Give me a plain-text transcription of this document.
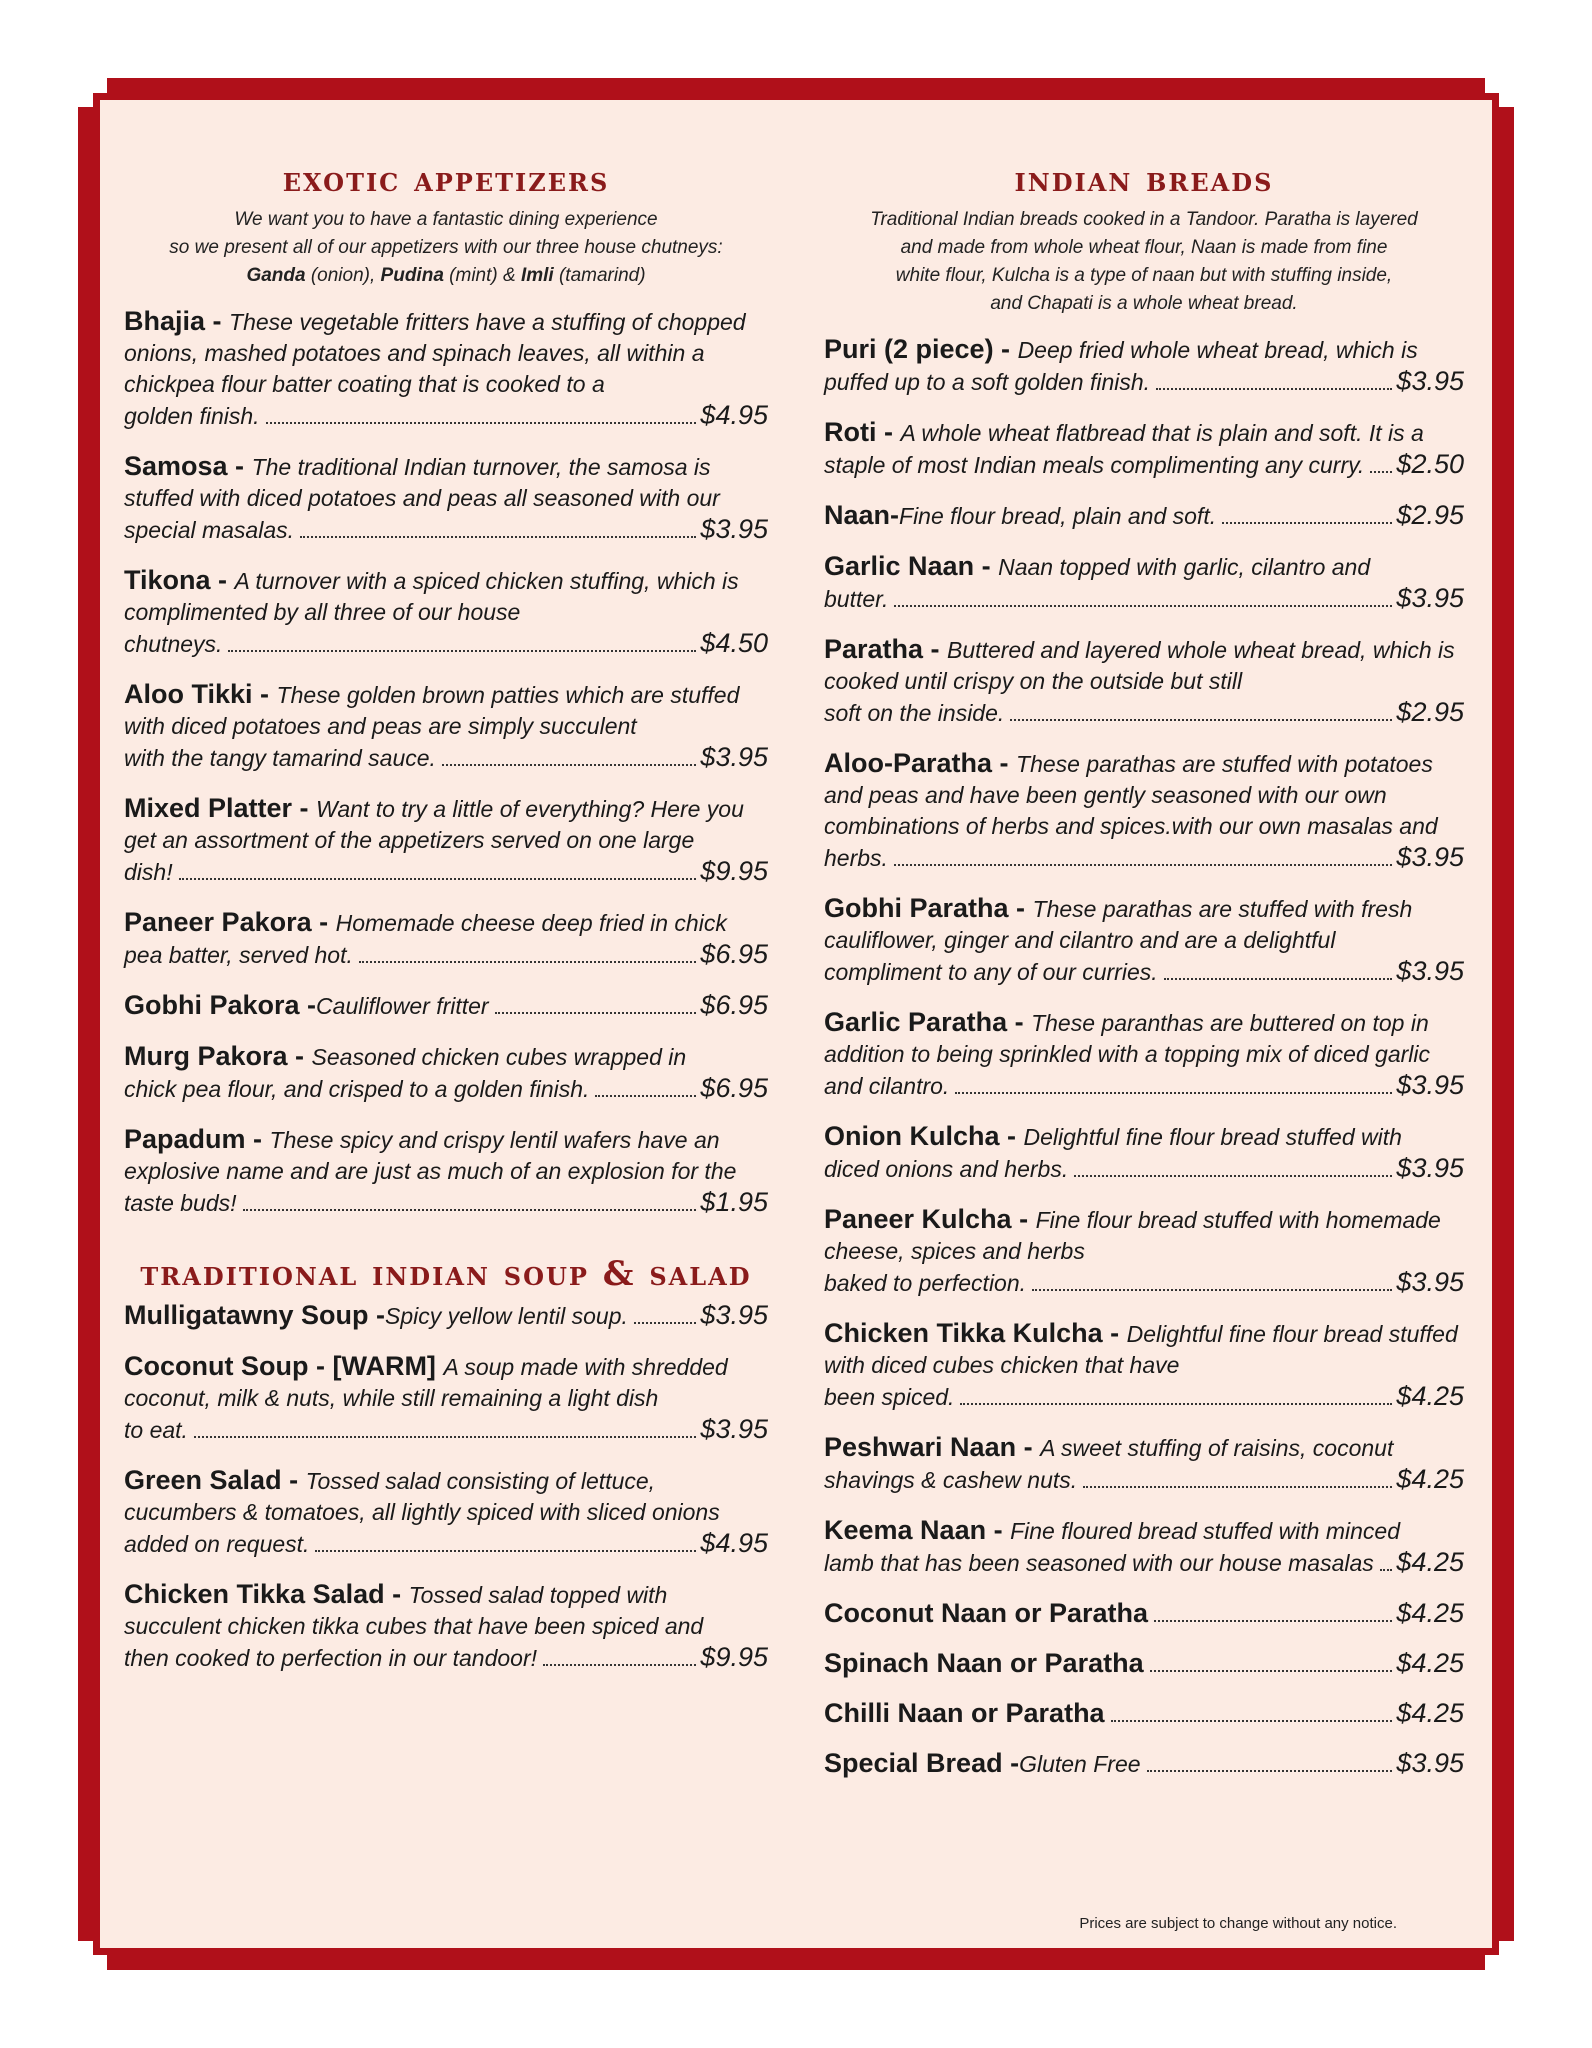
exotic appetizers
We want you to have a fantastic dining experience
so we present all of our appetizers with our three house chutneys:
Ganda (onion), Pudina (mint) & Imli (tamarind)
Bhajia - These vegetable fritters have a stuffing of chopped onions, mashed potatoes and spinach leaves, all within a chickpea flour batter coating that is cooked to a
golden finish.	$4.95
Samosa - The traditional Indian turnover, the samosa is stuffed with diced potatoes and peas all seasoned with our
special masalas.	$3.95
Tikona - A turnover with a spiced chicken stuffing, which is complimented by all three of our house
chutneys.	$4.50
Aloo Tikki - These golden brown patties which are stuffed with diced potatoes and peas are simply succulent
with the tangy tamarind sauce.	$3.95
Mixed Platter - Want to try a little of everything? Here you get an assortment of the appetizers served on one large
dish!	$9.95
Paneer Pakora - Homemade cheese deep fried in chick
pea batter, served hot.	$6.95
Gobhi Pakora - Cauliflower fritter	$6.95
Murg Pakora - Seasoned chicken cubes wrapped in
chick pea flour, and crisped to a golden finish.	$6.95
Papadum - These spicy and crispy lentil wafers have an explosive name and are just as much of an explosion for the
taste buds!	$1.95
traditional indian soup & salad
Mulligatawny Soup - Spicy yellow lentil soup.	$3.95
Coconut Soup - [WARM] A soup made with shredded coconut, milk & nuts, while still remaining a light dish
to eat.	$3.95
Green Salad - Tossed salad consisting of lettuce, cucumbers & tomatoes, all lightly spiced with sliced onions
added on request.	$4.95
Chicken Tikka Salad - Tossed salad topped with succulent chicken tikka cubes that have been spiced and
then cooked to perfection in our tandoor!	$9.95
indian breads
Traditional Indian breads cooked in a Tandoor. Paratha is layered
and made from whole wheat flour, Naan is made from fine
white flour, Kulcha is a type of naan but with stuffing inside,
and Chapati is a whole wheat bread.
Puri (2 piece) - Deep fried whole wheat bread, which is
puffed up to a soft golden finish.	$3.95
Roti - A whole wheat flatbread that is plain and soft. It is a
staple of most Indian meals complimenting any curry. $2.50
Naan- Fine flour bread, plain and soft.	$2.95
Garlic Naan - Naan topped with garlic, cilantro and
butter.	$3.95
Paratha - Buttered and layered whole wheat bread, which is cooked until crispy on the outside but still
soft on the inside.	$2.95
Aloo-Paratha - These parathas are stuffed with potatoes and peas and have been gently seasoned with our own combinations of herbs and spices.with our own masalas and
herbs.	$3.95
Gobhi Paratha - These parathas are stuffed with fresh cauliflower, ginger and cilantro and are a delightful
compliment to any of our curries.	$3.95
Garlic Paratha - These paranthas are buttered on top in addition to being sprinkled with a topping mix of diced garlic
and cilantro.	$3.95
Onion Kulcha - Delightful fine flour bread stuffed with
diced onions and herbs.	$3.95
Paneer Kulcha - Fine flour bread stuffed with homemade cheese, spices and herbs
baked to perfection.	$3.95
Chicken Tikka Kulcha - Delightful fine flour bread stuffed with diced cubes chicken that have
been spiced.	$4.25
Peshwari Naan - A sweet stuffing of raisins, coconut
shavings & cashew nuts.	$4.25
Keema Naan - Fine floured bread stuffed with minced
lamb that has been seasoned with our house masalas $4.25
Coconut Naan or Paratha	$4.25
Spinach Naan or Paratha	$4.25
Chilli Naan or Paratha	$4.25
Special Bread - Gluten Free	$3.95
Prices are subject to change without any notice.
